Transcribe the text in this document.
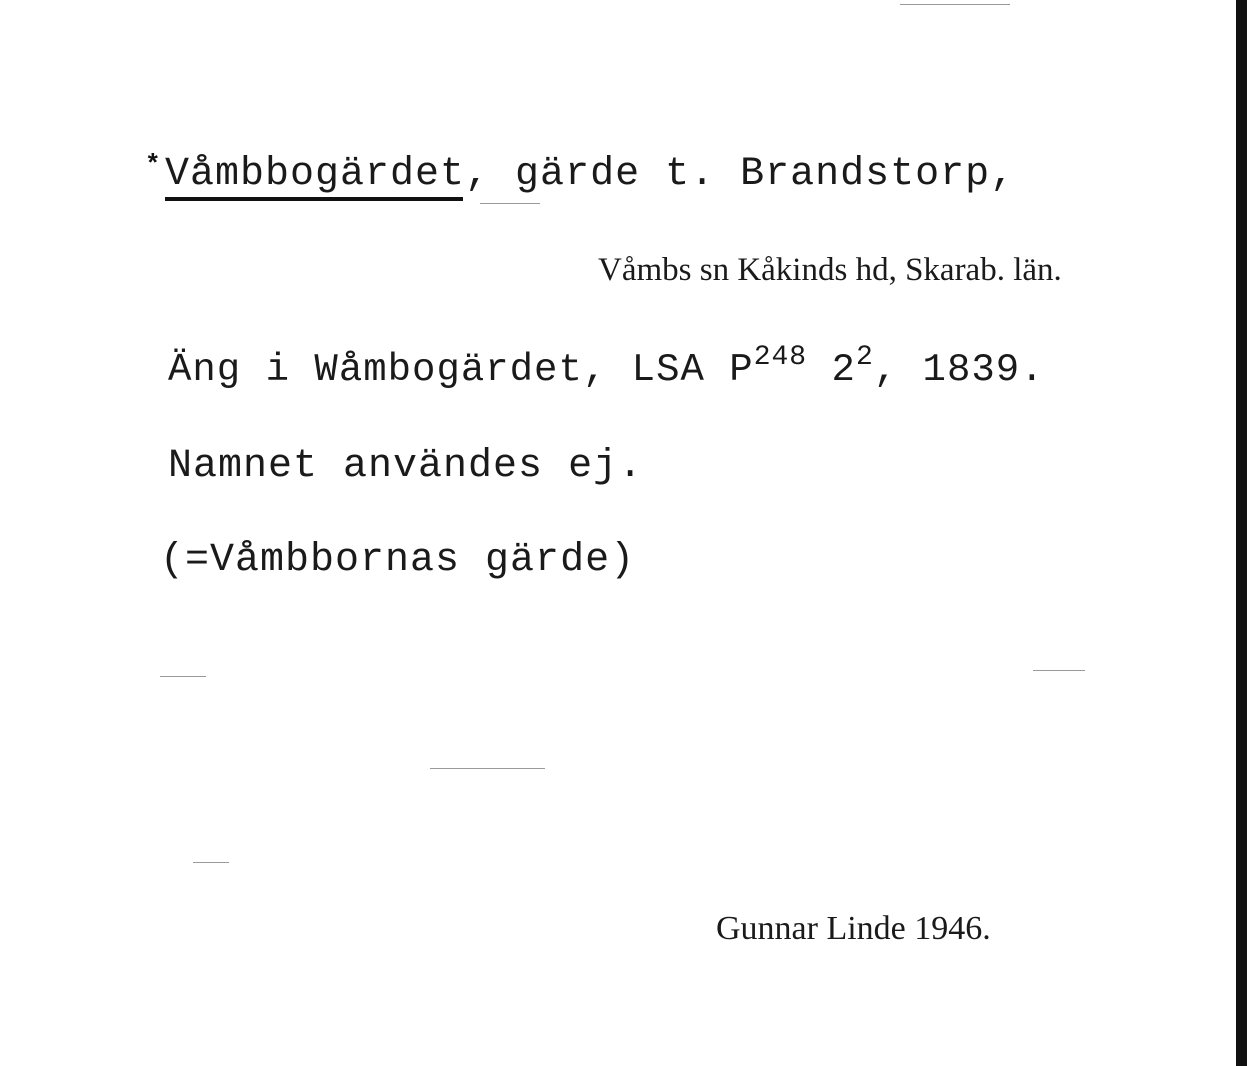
* Våmbbogärdet, gärde t. Brandstorp,
Våmbs sn Kåkinds hd, Skarab. län.
Äng i Wåmbogärdet, LSA $P^{248}$ $2^2$, 1839.
Namnet användes ej.
(=Våmbbornas gärde)
Gunnar Linde 1946.
